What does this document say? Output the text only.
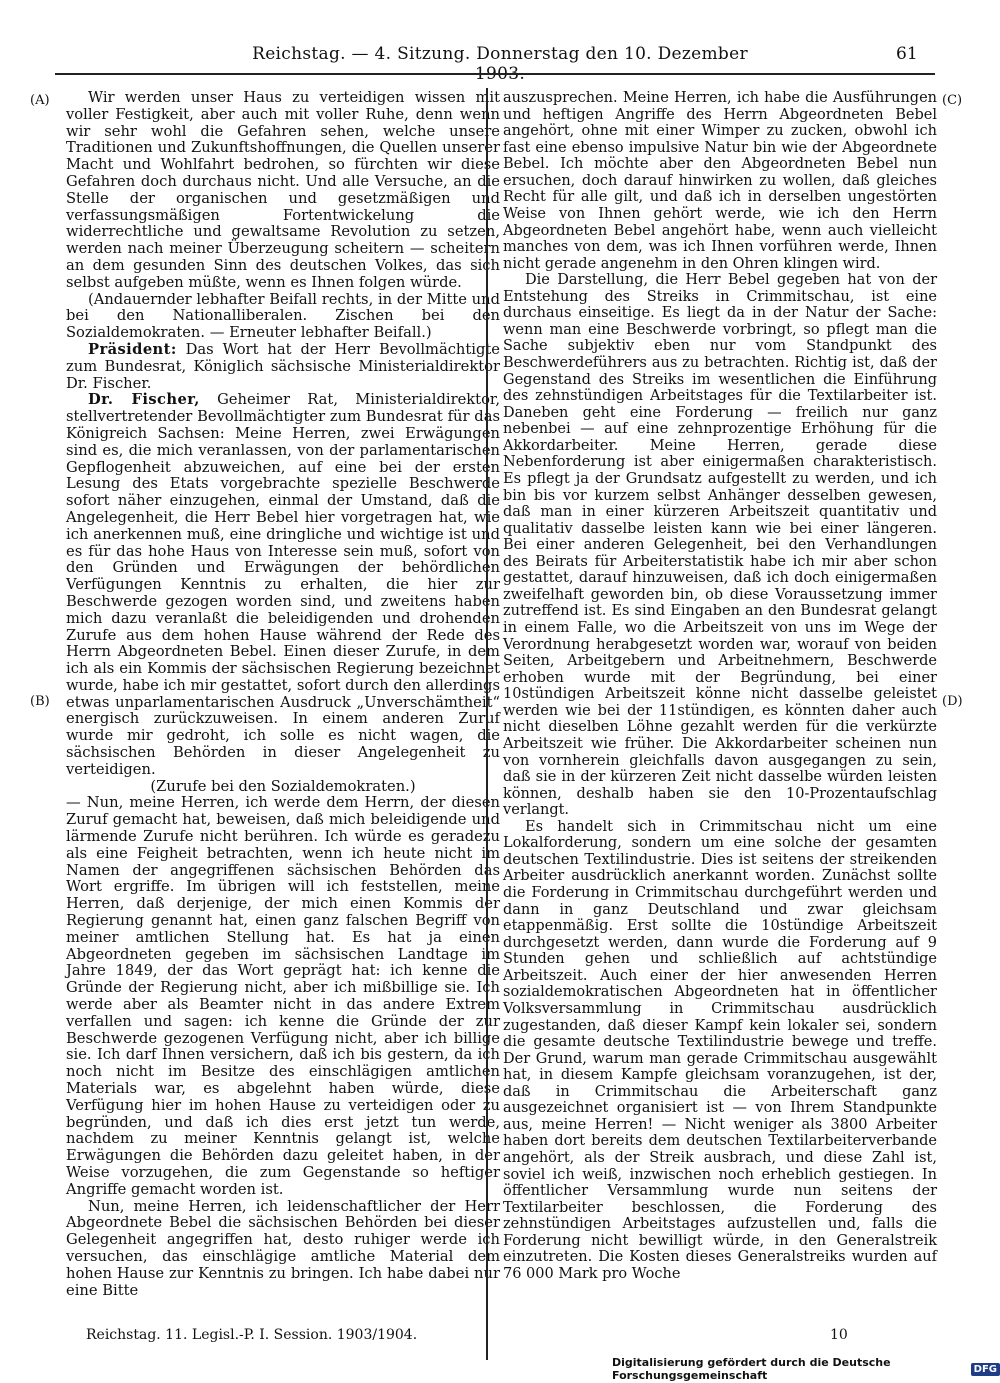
Reichstag. — 4. Sitzung. Donnerstag den 10. Dezember 1903.
61
(A)
(B)
(C)
(D)

Wir werden unser Haus zu verteidigen wissen mit voller Festigkeit, aber auch mit voller Ruhe, denn wenn wir sehr wohl die Gefahren sehen, welche unsere Traditionen und Zukunftshoffnungen, die Quellen unserer Macht und Wohlfahrt bedrohen, so fürchten wir diese Gefahren doch durchaus nicht. Und alle Versuche, an die Stelle der organischen und gesetzmäßigen und verfassungsmäßigen Fortentwickelung die widerrechtliche und gewaltsame Revolution zu setzen, werden nach meiner Überzeugung scheitern — scheitern an dem gesunden Sinn des deutschen Volkes, das sich selbst aufgeben müßte, wenn es Ihnen folgen würde.

(Andauernder lebhafter Beifall rechts, in der Mitte und bei den Nationalliberalen. Zischen bei den Sozialdemokraten. — Erneuter lebhafter Beifall.)

Präsident: Das Wort hat der Herr Bevollmächtigte zum Bundesrat, Königlich sächsische Ministerialdirektor Dr. Fischer.

Dr. Fischer, Geheimer Rat, Ministerialdirektor, stellvertretender Bevollmächtigter zum Bundesrat für das Königreich Sachsen: Meine Herren, zwei Erwägungen sind es, die mich veranlassen, von der parlamentarischen Gepflogenheit abzuweichen, auf eine bei der ersten Lesung des Etats vorgebrachte spezielle Beschwerde sofort näher einzugehen, einmal der Umstand, daß die Angelegenheit, die Herr Bebel hier vorgetragen hat, wie ich anerkennen muß, eine dringliche und wichtige ist und es für das hohe Haus von Interesse sein muß, sofort von den Gründen und Erwägungen der behördlichen Verfügungen Kenntnis zu erhalten, die hier zur Beschwerde gezogen worden sind, und zweitens haben mich dazu veranlaßt die beleidigenden und drohenden Zurufe aus dem hohen Hause während der Rede des Herrn Abgeordneten Bebel. Einen dieser Zurufe, in dem ich als ein Kommis der sächsischen Regierung bezeichnet wurde, habe ich mir gestattet, sofort durch den allerdings etwas unparlamentarischen Ausdruck „Unverschämtheit“ energisch zurückzuweisen. In einem anderen Zuruf wurde mir gedroht, ich solle es nicht wagen, die sächsischen Behörden in dieser Angelegenheit zu verteidigen.

(Zurufe bei den Sozialdemokraten.)

— Nun, meine Herren, ich werde dem Herrn, der diesen Zuruf gemacht hat, beweisen, daß mich beleidigende und lärmende Zurufe nicht berühren. Ich würde es geradezu als eine Feigheit betrachten, wenn ich heute nicht im Namen der angegriffenen sächsischen Behörden das Wort ergriffe. Im übrigen will ich feststellen, meine Herren, daß derjenige, der mich einen Kommis der Regierung genannt hat, einen ganz falschen Begriff von meiner amtlichen Stellung hat. Es hat ja einen Abgeordneten gegeben im sächsischen Landtage im Jahre 1849, der das Wort geprägt hat: ich kenne die Gründe der Regierung nicht, aber ich mißbillige sie. Ich werde aber als Beamter nicht in das andere Extrem verfallen und sagen: ich kenne die Gründe der zur Beschwerde gezogenen Verfügung nicht, aber ich billige sie. Ich darf Ihnen versichern, daß ich bis gestern, da ich noch nicht im Besitze des einschlägigen amtlichen Materials war, es abgelehnt haben würde, diese Verfügung hier im hohen Hause zu verteidigen oder zu begründen, und daß ich dies erst jetzt tun werde, nachdem zu meiner Kenntnis gelangt ist, welche Erwägungen die Behörden dazu geleitet haben, in der Weise vorzugehen, die zum Gegenstande so heftiger Angriffe gemacht worden ist.

Nun, meine Herren, ich leidenschaftlicher der Herr Abgeordnete Bebel die sächsischen Behörden bei dieser Gelegenheit angegriffen hat, desto ruhiger werde ich versuchen, das einschlägige amtliche Material dem hohen Hause zur Kenntnis zu bringen. Ich habe dabei nur eine Bitte

auszusprechen. Meine Herren, ich habe die Ausführungen und heftigen Angriffe des Herrn Abgeordneten Bebel angehört, ohne mit einer Wimper zu zucken, obwohl ich fast eine ebenso impulsive Natur bin wie der Abgeordnete Bebel. Ich möchte aber den Abgeordneten Bebel nun ersuchen, doch darauf hinwirken zu wollen, daß gleiches Recht für alle gilt, und daß ich in derselben ungestörten Weise von Ihnen gehört werde, wie ich den Herrn Abgeordneten Bebel angehört habe, wenn auch vielleicht manches von dem, was ich Ihnen vorführen werde, Ihnen nicht gerade angenehm in den Ohren klingen wird.

Die Darstellung, die Herr Bebel gegeben hat von der Entstehung des Streiks in Crimmitschau, ist eine durchaus einseitige. Es liegt da in der Natur der Sache: wenn man eine Beschwerde vorbringt, so pflegt man die Sache subjektiv eben nur vom Standpunkt des Beschwerdeführers aus zu betrachten. Richtig ist, daß der Gegenstand des Streiks im wesentlichen die Einführung des zehnstündigen Arbeitstages für die Textilarbeiter ist. Daneben geht eine Forderung — freilich nur ganz nebenbei — auf eine zehnprozentige Erhöhung für die Akkordarbeiter. Meine Herren, gerade diese Nebenforderung ist aber einigermaßen charakteristisch. Es pflegt ja der Grundsatz aufgestellt zu werden, und ich bin bis vor kurzem selbst Anhänger desselben gewesen, daß man in einer kürzeren Arbeitszeit quantitativ und qualitativ dasselbe leisten kann wie bei einer längeren. Bei einer anderen Gelegenheit, bei den Verhandlungen des Beirats für Arbeiterstatistik habe ich mir aber schon gestattet, darauf hinzuweisen, daß ich doch einigermaßen zweifelhaft geworden bin, ob diese Voraussetzung immer zutreffend ist. Es sind Eingaben an den Bundesrat gelangt in einem Falle, wo die Arbeitszeit von uns im Wege der Verordnung herabgesetzt worden war, worauf von beiden Seiten, Arbeitgebern und Arbeitnehmern, Beschwerde erhoben wurde mit der Begründung, bei einer 10stündigen Arbeitszeit könne nicht dasselbe geleistet werden wie bei der 11stündigen, es könnten daher auch nicht dieselben Löhne gezahlt werden für die verkürzte Arbeitszeit wie früher. Die Akkordarbeiter scheinen nun von vornherein gleichfalls davon ausgegangen zu sein, daß sie in der kürzeren Zeit nicht dasselbe würden leisten können, deshalb haben sie den 10-Prozentaufschlag verlangt.

Es handelt sich in Crimmitschau nicht um eine Lokalforderung, sondern um eine solche der gesamten deutschen Textilindustrie. Dies ist seitens der streikenden Arbeiter ausdrücklich anerkannt worden. Zunächst sollte die Forderung in Crimmitschau durchgeführt werden und dann in ganz Deutschland und zwar gleichsam etappenmäßig. Erst sollte die 10stündige Arbeitszeit durchgesetzt werden, dann wurde die Forderung auf 9 Stunden gehen und schließlich auf achtstündige Arbeitszeit. Auch einer der hier anwesenden Herren sozialdemokratischen Abgeordneten hat in öffentlicher Volksversammlung in Crimmitschau ausdrücklich zugestanden, daß dieser Kampf kein lokaler sei, sondern die gesamte deutsche Textilindustrie bewege und treffe. Der Grund, warum man gerade Crimmitschau ausgewählt hat, in diesem Kampfe gleichsam voranzugehen, ist der, daß in Crimmitschau die Arbeiterschaft ganz ausgezeichnet organisiert ist — von Ihrem Standpunkte aus, meine Herren! — Nicht weniger als 3800 Arbeiter haben dort bereits dem deutschen Textilarbeiterverbande angehört, als der Streik ausbrach, und diese Zahl ist, soviel ich weiß, inzwischen noch erheblich gestiegen. In öffentlicher Versammlung wurde nun seitens der Textilarbeiter beschlossen, die Forderung des zehnstündigen Arbeitstages aufzustellen und, falls die Forderung nicht bewilligt würde, in den Generalstreik einzutreten. Die Kosten dieses Generalstreiks wurden auf 76 000 Mark pro Woche

Reichstag. 11. Legisl.-P. I. Session. 1903/1904.	10
Digitalisierung gefördert durch die Deutsche Forschungsgemeinschaft	DFG
